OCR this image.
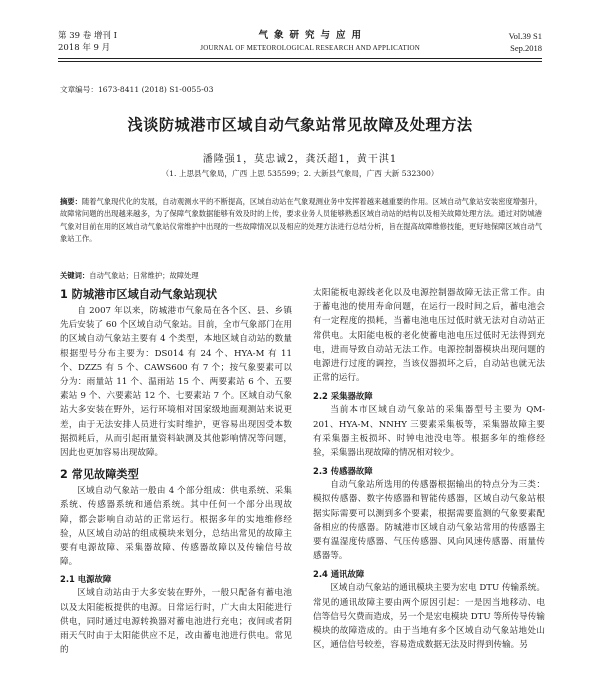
第 39 卷 增刊 I	气象研究与应用	Vol.39 S1
2018 年 9 月	JOURNAL OF METEOROLOGICAL RESEARCH AND APPLICATION	Sep.2018
文章编号：1673-8411 (2018) S1-0055-03
浅谈防城港市区域自动气象站常见故障及处理方法
潘隆强1，莫忠诚2，龚沃超1，黄干淇1
（1. 上思县气象局，广西 上思 535599；2. 大新县气象局，广西 大新 532300）
摘要：随着气象现代化的发展，自动观测水平的不断提高，区域自动站在气象观测业务中发挥着越来越重要的作用。区域自动气象站安装密度增强升，故障常问题的出现越来越多，为了保障气象数据能够有效及时的上传，要求业务人员能够熟悉区域自动站的结构以及相关故障处理方法。通过对防城港气象对目前在用的区域自动气象站仪常维护中出现的一些故障情况以及相应的处理方法进行总结分析，旨在提高故障维修技能，更好地保障区域自动气象站工作。
关键词：自动气象站；日常维护；故障处理
1 防城港市区域自动气象站现状

自 2007 年以来，防城港市气象局在各个区、县、乡镇先后安装了 60 个区域自动气象站。目前，全市气象部门在用的区域自动气象站主要有 4 个类型，本地区域自动站的数量根据型号分布主要为：DS014 有 24 个、HYA-M 有 11 个、DZZ5 有 5 个、CAWS600 有 7 个；按气象要素可以分为：雨量站 11 个、温雨站 15 个、两要素站 6 个、五要素站 9 个、六要素站 12 个、七要素站 7 个。区域自动气象站大多安装在野外，运行环境相对国家级地面观测站来说更差，由于无法安排人员进行实时维护，更容易出现因受本数据损耗后，从而引起雨量资料缺测及其他影响情况等问题，因此也更加容易出现故障。

2 常见故障类型

区域自动气象站一般由 4 个部分组成：供电系统、采集系统、传感器系统和通信系统。其中任何一个部分出现故障，都会影响自动站的正常运行。根据多年的实地维修经验，从区域自动站的组成模块来划分，总结出常见的故障主要有电源故障、采集器故障、传感器故障以及传输信号故障。

2.1 电源故障

区域自动站由于大多安装在野外，一般只配备有蓄电池以及太阳能板提供的电源。日常运行时，广大由太阳能进行供电，同时通过电源转换器对蓄电池进行充电；夜间或者阴雨天气时由于太阳能供应不足，改由蓄电池进行供电。常见的

太阳能板电源线老化以及电源控制器故障无法正常工作。由于蓄电池的使用寿命问题，在运行一段时间之后，蓄电池会有一定程度的损耗，当蓄电池电压过低时就无法对自动站正常供电。太阳能电板的老化使蓄电池电压过低时无法得到充电，进而导致自动站无法工作。电源控制器模块出现问题的电源进行过度的调控，当该仪器损坏之后，自动站也就无法正常的运行。

2.2 采集器故障

当前本市区域自动气象站的采集器型号主要为 QM-201、HYA-M、NNHY 三要素采集板等，采集器故障主要有采集器主板损坏、时钟电池没电等。根据多年的维修经验，采集器出现故障的情况相对较少。

2.3 传感器故障

自动气象站所选用的传感器根据输出的特点分为三类：模拟传感器、数字传感器和智能传感器，区域自动气象站根据实际需要可以测到多个要素，根据需要监测的气象要素配备相应的传感器。防城港市区域自动气象站常用的传感器主要有温湿度传感器、气压传感器、风向风速传感器、雨量传感器等。

2.4 通讯故障

区域自动气象站的通讯模块主要为宏电 DTU 传输系统。常见的通讯故障主要由两个原因引起：一是因当地移动、电信等信号欠费而造成，另一个是宏电模块 DTU 等所传导传输模块的故障造成的。由于当地有多个区域自动气象站地处山区，通信信号较差，容易造成数据无法及时得到传输。另
